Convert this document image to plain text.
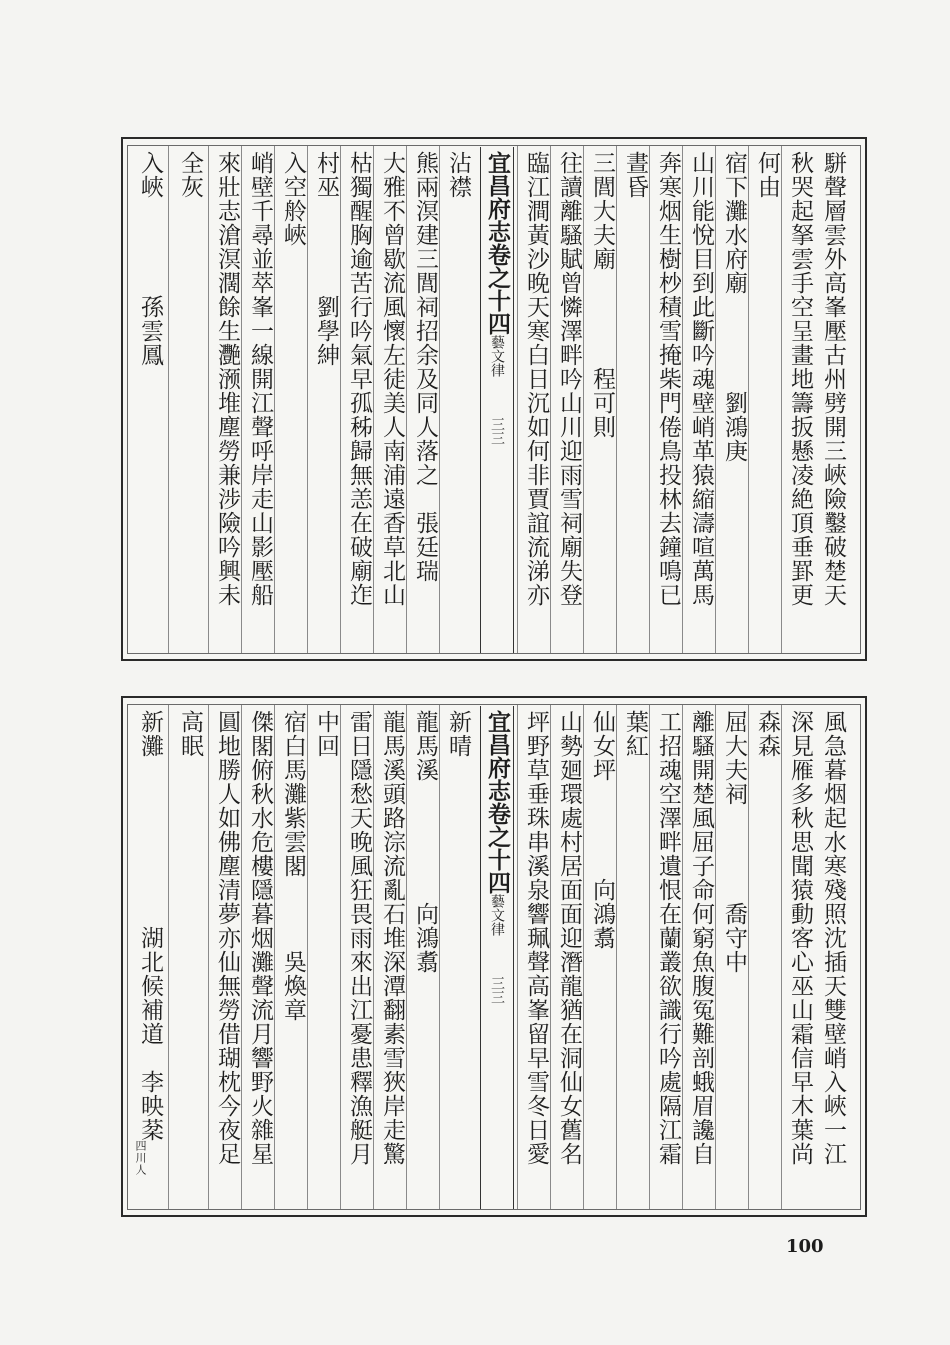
駢聲層雲外高峯壓古州劈開三峽險鑿破楚天
秋哭起拏雲手空呈畫地籌扳懸凌絶頂垂罫更
何由
宿下灘水府廟　　　　劉鴻庚
山川能悅目到此斷吟魂壁峭革猿縮濤喧萬馬
奔寒烟生樹杪積雪掩柴門倦鳥投林去鐘鳴已
晝昏
三閭大夫廟　　　　程可則
往讀離騷賦曾憐澤畔吟山川迎雨雪祠廟失登
臨江澗黃沙晚天寒白日沉如何非賈誼流涕亦
宜昌府志卷之十四藝文律三三
沾襟
熊兩溟建三閭祠招余及同人落之　張廷瑞
大雅不曾歇流風懷左徒美人南浦遠香草北山
枯獨醒胸逾苦行吟氣早孤秭歸無恙在破廟迮
村巫　　　　劉學紳
入空舲峽
峭壁千尋並萃峯一線開江聲呼岸走山影壓船
來壯志滄溟濶餘生灧滪堆塵勞兼涉險吟興未
全灰
入峽　　　　孫雲鳳
風急暮烟起水寒殘照沈插天雙壁峭入峽一江
深見雁多秋思聞猿動客心巫山霜信早木葉尚
森森
屈大夫祠　　　　喬守中
離騷開楚風屈子命何窮魚腹冤難剖蛾眉讒自
工招魂空澤畔遺恨在蘭叢欲識行吟處隔江霜
葉紅
仙女坪　　　　向鴻翥
山勢廻環處村居面面迎潛龍猶在洞仙女舊名
坪野草垂珠串溪泉響珮聲高峯留早雪冬日愛
宜昌府志卷之十四藝文律三三
新晴
龍馬溪　　　　　向鴻翥
龍馬溪頭路淙流亂石堆深潭翻素雪狹岸走驚
雷日隱愁天晚風狂畏雨來出江憂患釋漁艇月
中回
宿白馬灘紫雲閣　　　吳煥章
傑閣俯秋水危樓隱暮烟灘聲流月響野火雜星
圓地勝人如佛塵清夢亦仙無勞借瑚枕今夜足
高眠
新灘　　　　　　　湖北候補道　李映棻
四川人
100
